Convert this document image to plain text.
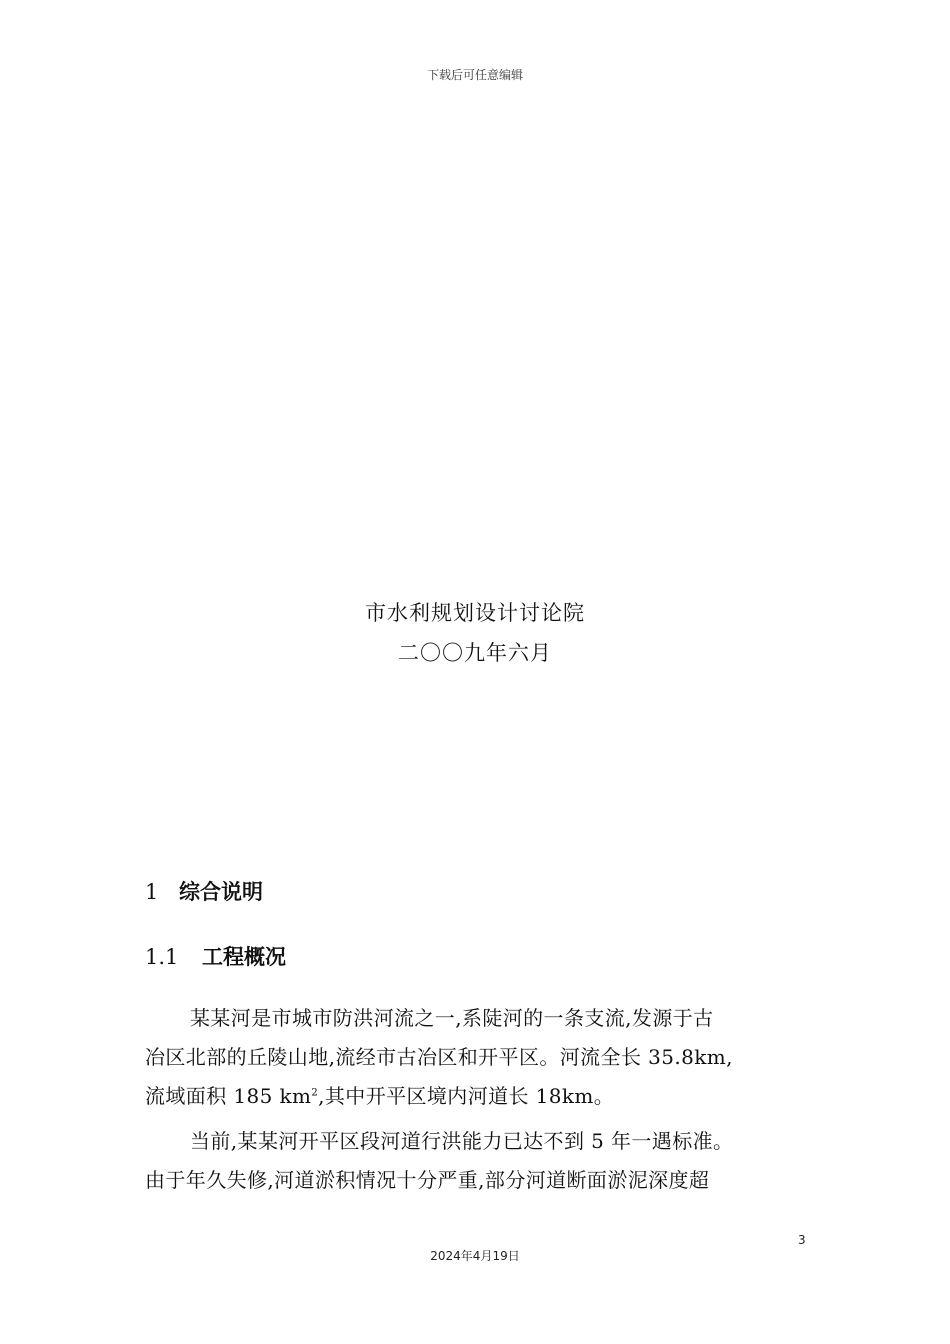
下载后可任意编辑
市水利规划设计讨论院
二〇〇九年六月
1 综合说明
1.1 工程概况
某某河是市城市防洪河流之一,系陡河的一条支流,发源于古
冶区北部的丘陵山地,流经市古冶区和开平区。河流全长 35.8km,
流域面积 185 $km^2$,其中开平区境内河道长 18km。
当前,某某河开平区段河道行洪能力已达不到 5 年一遇标准。
由于年久失修,河道淤积情况十分严重,部分河道断面淤泥深度超
3
2024年4月19日
